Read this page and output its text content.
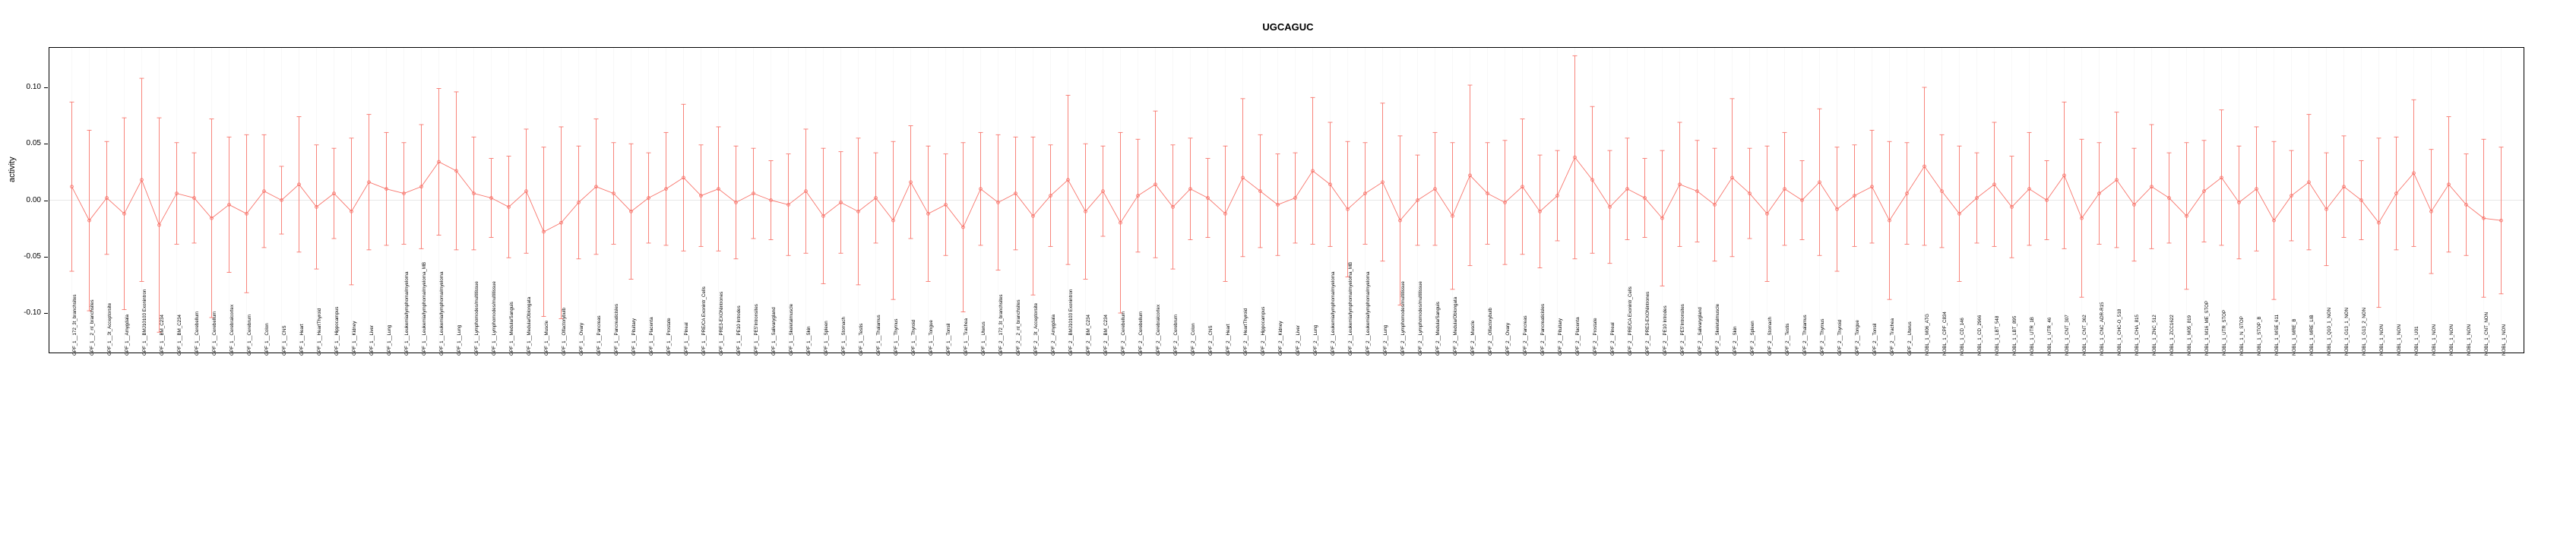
UGCAGUC
activity
0.10
0.05
0.00
-0.05
-0.10	GPF_1__172_3t_branchsites	GPF_1__2_nt_branchsites	GPF_1__3t_Acceptorsite	GPF_1__Amygdala	GPF_1__BMJ10103 Exonintron	GPF_1__BM_C234	GPF_1__BM_C234	GPF_1__Cerebellum	GPF_1__Cerebellum	GPF_1__Cerebralcortex	GPF_1__Cerebrum	GPF_1__Colon	GPF_1__CNS	GPF_1__Heart	GPF_1__HeartThyroid	GPF_1__Hippocampus	GPF_1__Kidney	GPF_1__Liver	GPF_1__Lung	GPF_1__Leukemia/lymphoma/myeloma	GPF_1__Leukemia/lymphoma/myeloma_MB	GPF_1__Leukemia/lymphoma/myeloma	GPF_1__Lung	GPF_1__Lymphomodes/multitissue	GPF_1__Lymphomodes/multitissue	GPF_1__Medula/Sanguis	GPF_1__Medula/Oblongata	GPF_1__Muscle	GPF_1__Olfactorybulb	GPF_1__Ovary	GPF_1__Pancreas	GPF_1__Pancreaticisles	GPF_1__Pituitary	GPF_1__Placenta	GPF_1__Prostate	GPF_1__Pineal	GPF_1__PRE/CA Exonintr_Cells	GPF_1__PRE3-EXONintrones	GPF_1__PE10 Introdes	GPF_1__PE5'Intronsites	GPF_1__Salivarygland	GPF_1__Skeletalmuscle	GPF_1__Skin	GPF_1__Spleen	GPF_1__Stomach	GPF_1__Testis	GPF_1__Thalamus	GPF_1__Thymus	GPF_1__Thyroid	GPF_1__Tongue	GPF_1__Tonsil	GPF_1__Trachea	GPF_1__Uterus	GPF_2__172_3t_branchsites	GPF_2__2_nt_branchsites	GPF_2__3t_Acceptorsite	GPF_2__Amygdala	GPF_2__BMJ10103 Exonintron	GPF_2__BM_C234	GPF_2__BM_C234	GPF_2__Cerebellum	GPF_2__Cerebellum	GPF_2__Cerebralcortex	GPF_2__Cerebrum	GPF_2__Colon	GPF_2__CNS	GPF_2__Heart	GPF_2__HeartThyroid	GPF_2__Hippocampus	GPF_2__Kidney	GPF_2__Liver	GPF_2__Lung	GPF_2__Leukemia/lymphoma/myeloma	GPF_2__Leukemia/lymphoma/myeloma_MB	GPF_2__Leukemia/lymphoma/myeloma	GPF_2__Lung	GPF_2__Lymphomodes/multitissue	GPF_2__Lymphomodes/multitissue	GPF_2__Medula/Sanguis	GPF_2__Medula/Oblongata	GPF_2__Muscle	GPF_2__Olfactorybulb	GPF_2__Ovary	GPF_2__Pancreas	GPF_2__Pancreaticisles	GPF_2__Pituitary	GPF_2__Placenta	GPF_2__Prostate	GPF_2__Pineal	GPF_2__PRE/CA Exonintr_Cells	GPF_2__PRE3-EXONintrones	GPF_2__PE10 Introdes	GPF_2__PE5'Intronsites	GPF_2__Salivarygland	GPF_2__Skeletalmuscle	GPF_2__Skin	GPF_2__Spleen	GPF_2__Stomach	GPF_2__Testis	GPF_2__Thalamus	GPF_2__Thymus	GPF_2__Thyroid	GPF_2__Tongue	GPF_2__Tonsil	GPF_2__Trachea	GPF_2__Uterus	NOBL_1_M06_ATG	NOBL_1_CPF_C834	NOBL_1_CD_146	NOBL_1_CD_2966	NOBL_1_LBT_548	NOBL_1_LBT_895	NOBL_1_UTR_1B	NOBL_1_UTR_46	NOBL_1_CNT_307	NOBL_1_CNT_362	NOBL_1_CNC_ADR-R15	NOBL_1_CHC-O_518	NOBL_1_CHA_815	NOBL_1_ZNC_512	NOBL_1_ZCC1622	NOBL_1_M05_819	NOBL_1_M16_ME_STOP	NOBL_1_UTR_STOP	NOBL_1_N_STOP	NOBL_1_STOP_B	NOBL_1_MSE_611	NOBL_1_MRE_B	NOBL_1_MRE_LIB	NOBL_1_Q10_1_NON	NOBL_1_G13_1_NON	NOBL_1_G13_2_NON	NOBL_1_NON	NOBL_1_NON	NOBL_1_U01	NOBL_1_NON	NOBL_1_NON	NOBL_1_NON	NOBL_1_CNT_NON	NOBL_1_NON
